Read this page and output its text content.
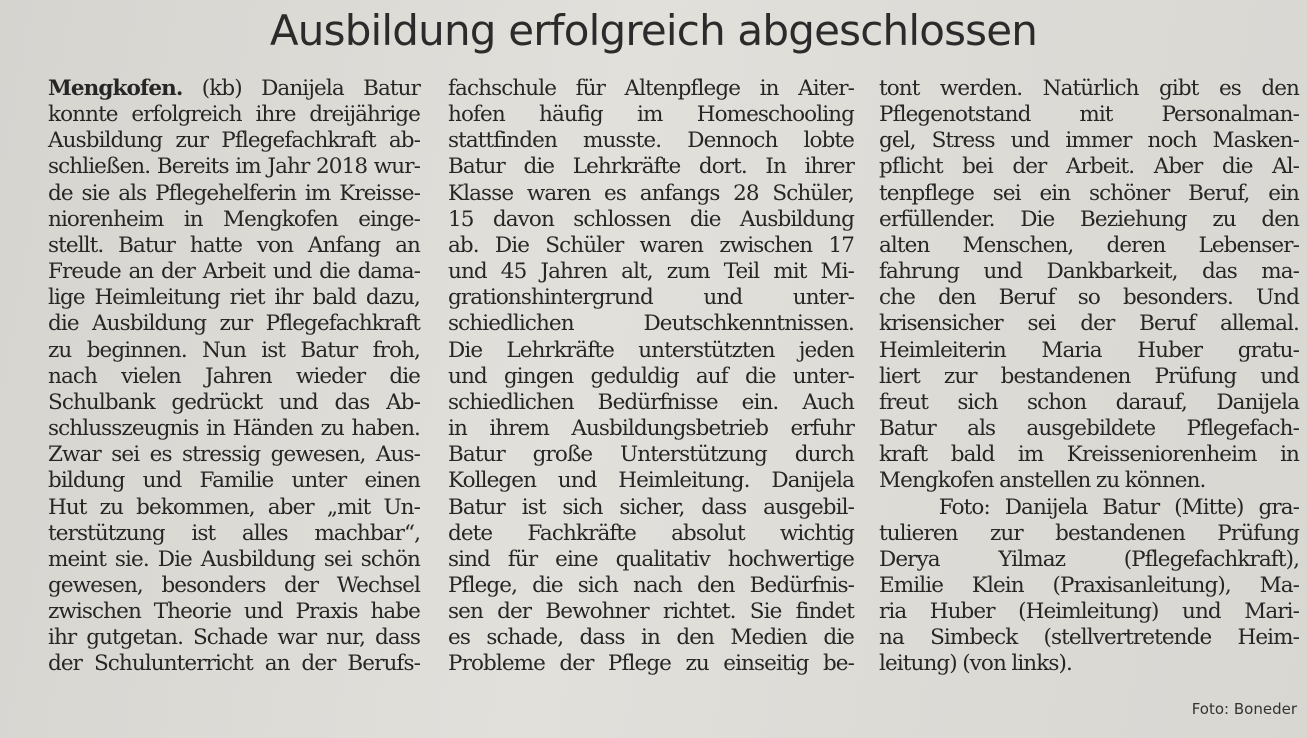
Ausbildung erfolgreich abgeschlossen
Mengkofen. (kb) Danijela Batur
konnte erfolgreich ihre dreijährige
Ausbildung zur Pflegefachkraft ab-
schließen. Bereits im Jahr 2018 wur-
de sie als Pflegehelferin im Kreisse-
niorenheim in Mengkofen einge-
stellt. Batur hatte von Anfang an
Freude an der Arbeit und die dama-
lige Heimleitung riet ihr bald dazu,
die Ausbildung zur Pflegefachkraft
zu beginnen. Nun ist Batur froh,
nach vielen Jahren wieder die
Schulbank gedrückt und das Ab-
schlusszeugnis in Händen zu haben.
Zwar sei es stressig gewesen, Aus-
bildung und Familie unter einen
Hut zu bekommen, aber „mit Un-
terstützung ist alles machbar“,
meint sie. Die Ausbildung sei schön
gewesen, besonders der Wechsel
zwischen Theorie und Praxis habe
ihr gutgetan. Schade war nur, dass
der Schulunterricht an der Berufs-
fachschule für Altenpflege in Aiter-
hofen häufig im Homeschooling
stattfinden musste. Dennoch lobte
Batur die Lehrkräfte dort. In ihrer
Klasse waren es anfangs 28 Schüler,
15 davon schlossen die Ausbildung
ab. Die Schüler waren zwischen 17
und 45 Jahren alt, zum Teil mit Mi-
grationshintergrund und unter-
schiedlichen Deutschkenntnissen.
Die Lehrkräfte unterstützten jeden
und gingen geduldig auf die unter-
schiedlichen Bedürfnisse ein. Auch
in ihrem Ausbildungsbetrieb erfuhr
Batur große Unterstützung durch
Kollegen und Heimleitung. Danijela
Batur ist sich sicher, dass ausgebil-
dete Fachkräfte absolut wichtig
sind für eine qualitativ hochwertige
Pflege, die sich nach den Bedürfnis-
sen der Bewohner richtet. Sie findet
es schade, dass in den Medien die
Probleme der Pflege zu einseitig be-
tont werden. Natürlich gibt es den
Pflegenotstand mit Personalman-
gel, Stress und immer noch Masken-
pflicht bei der Arbeit. Aber die Al-
tenpflege sei ein schöner Beruf, ein
erfüllender. Die Beziehung zu den
alten Menschen, deren Lebenser-
fahrung und Dankbarkeit, das ma-
che den Beruf so besonders. Und
krisensicher sei der Beruf allemal.
Heimleiterin Maria Huber gratu-
liert zur bestandenen Prüfung und
freut sich schon darauf, Danijela
Batur als ausgebildete Pflegefach-
kraft bald im Kreisseniorenheim in
Mengkofen anstellen zu können.
Foto: Danijela Batur (Mitte) gra-
tulieren zur bestandenen Prüfung
Derya Yilmaz (Pflegefachkraft),
Emilie Klein (Praxisanleitung), Ma-
ria Huber (Heimleitung) und Mari-
na Simbeck (stellvertretende Heim-
leitung) (von links).
Foto: Boneder
